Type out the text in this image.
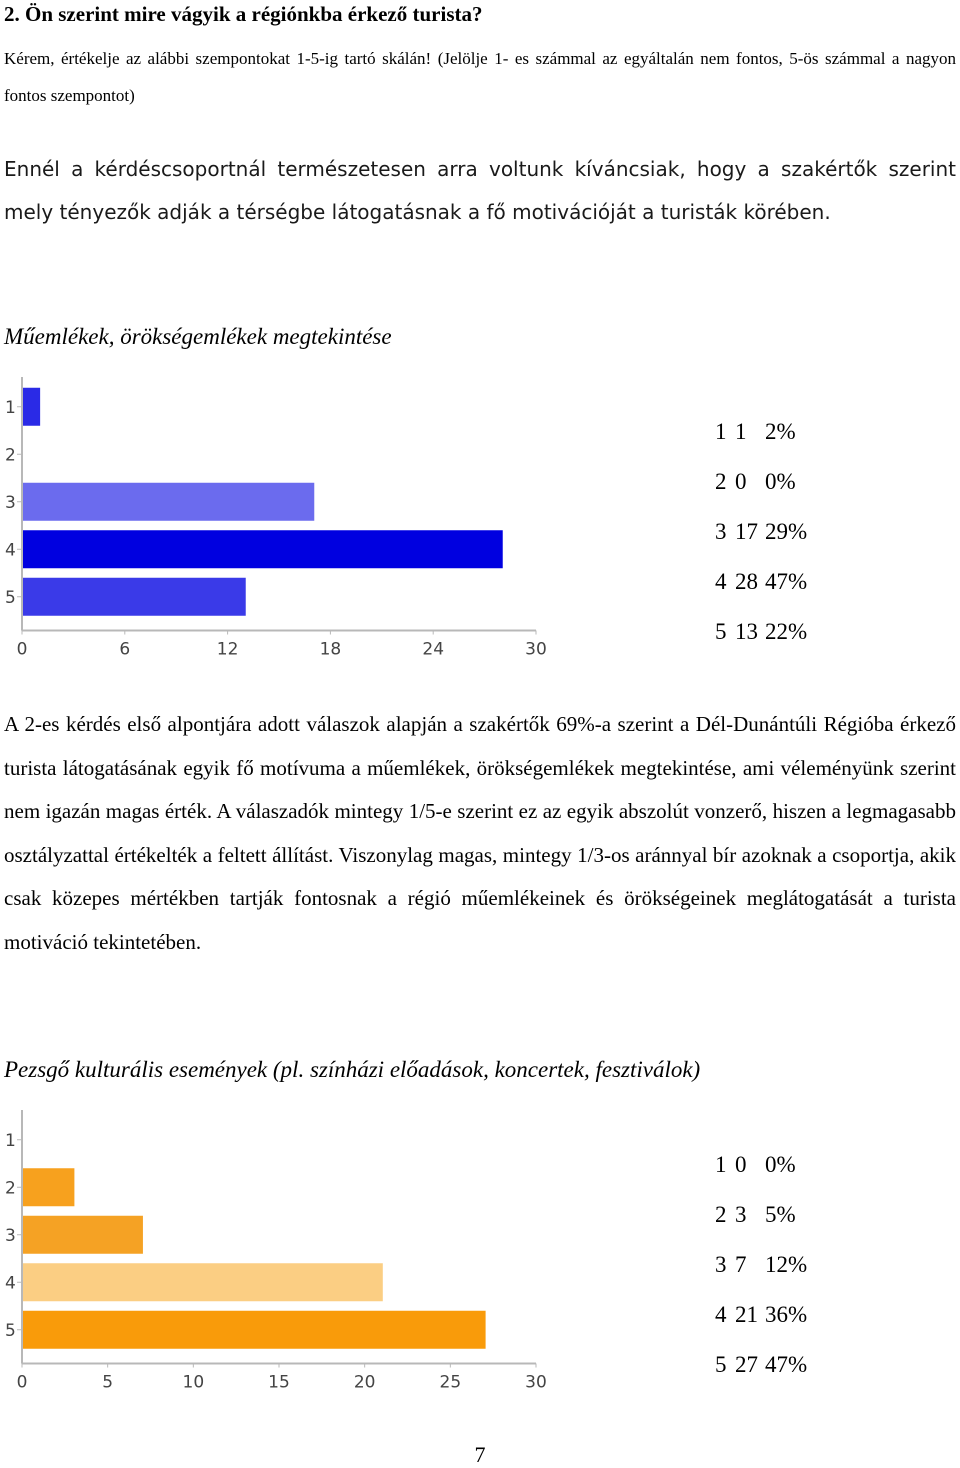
2. Ön szerint mire vágyik a régiónkba érkező turista?
Kérem, értékelje az alábbi szempontokat 1-5-ig tartó skálán! (Jelölje 1- es számmal az egyáltalán nem fontos, 5-ös számmal a nagyon fontos szempontot)
Ennél a kérdéscsoportnál természetesen arra voltunk kíváncsiak, hogy a szakértők szerint mely tényezők adják a térségbe látogatásnak a fő motivációját a turisták körében.
Műemlékek, örökségemlékek megtekintése
1
2
3
4
5
0	6	12	18	24	30
1 1 2%
2 0 0%
3 17 29%
4 28 47%
5 13 22%
A 2-es kérdés első alpontjára adott válaszok alapján a szakértők 69%-a szerint a Dél-Dunántúli Régióba érkező turista látogatásának egyik fő motívuma a műemlékek, örökségemlékek megtekintése, ami véleményünk szerint nem igazán magas érték. A válaszadók mintegy 1/5-e szerint ez az egyik abszolút vonzerő, hiszen a legmagasabb osztályzattal értékelték a feltett állítást. Viszonylag magas, mintegy 1/3-os aránnyal bír azoknak a csoportja, akik csak közepes mértékben tartják fontosnak a régió műemlékeinek és örökségeinek meglátogatását a turista motiváció tekintetében.
Pezsgő kulturális események (pl. színházi előadások, koncertek, fesztiválok)
1
2
3
4
5
0	5	10	15	20	25	30
1 0 0%
2 3 5%
3 7 12%
4 21 36%
5 27 47%
7
